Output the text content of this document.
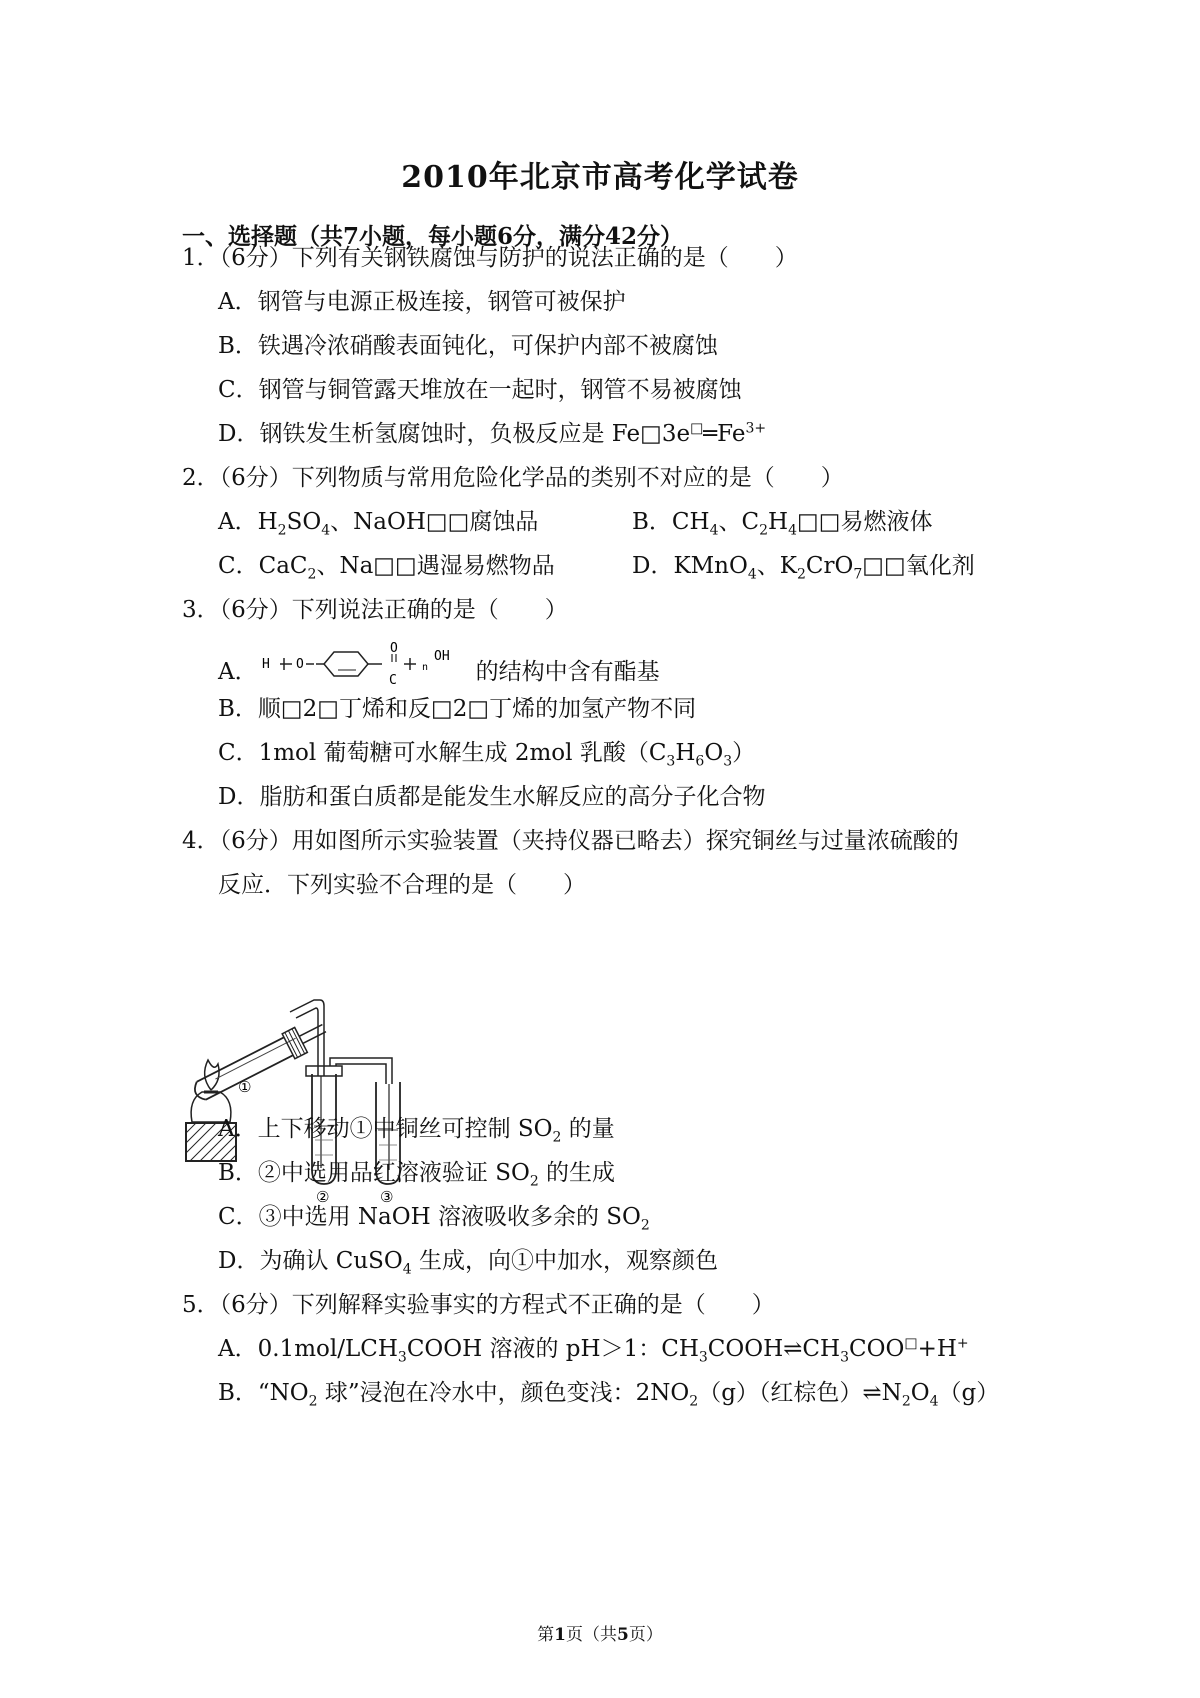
2010年北京市高考化学试卷
一、选择题（共7小题，每小题6分，满分42分）
1．（6分）下列有关钢铁腐蚀与防护的说法正确的是（　　）
A．钢管与电源正极连接，钢管可被保护
B．铁遇冷浓硝酸表面钝化，可保护内部不被腐蚀
C．钢管与铜管露天堆放在一起时，钢管不易被腐蚀
D．钢铁发生析氢腐蚀时，负极反应是 $Fe□3e^□═Fe^{3+}$
2．（6分）下列物质与常用危险化学品的类别不对应的是（　　）
A．$H_2SO_4$、NaOH□□腐蚀品	B．$CH_4$、$C_2H_4□□$易燃液体
C．CaC$_2$、Na□□遇湿易燃物品	D．KMnO$_4$、$K_2CrO_7□□$氧化剂
3．（6分）下列说法正确的是（　　）
A． H O
O
C
n
OH
的结构中含有酯基
B．顺□2□丁烯和反□2□丁烯的加氢产物不同
C．1mol 葡萄糖可水解生成 2mol 乳酸$(C_3H_6O_3)$
D．脂肪和蛋白质都是能发生水解反应的高分子化合物
4．（6分）用如图所示实验装置（夹持仪器已略去）探究铜丝与过量浓硫酸的
反应．下列实验不合理的是（　　）
①
②	③
A．上下移动①中铜丝可控制 $SO_2$ 的量
B．②中选用品红溶液验证 $SO_2$ 的生成
C．③中选用 NaOH 溶液吸收多余的 $SO_2$
D．为确认 CuSO$_4$ 生成，向①中加水，观察颜色
5．（6分）下列解释实验事实的方程式不正确的是（　　）
A．$0.1mol/LCH_3COOH$ 溶液的 pH＞1：$CH_3COOH\rightleftharpoons CH_3COO^□+H^+$
B．“$NO_2$ 球”浸泡在冷水中，颜色变浅：$2NO_2(g)$（红棕色）$\rightleftharpoons N_2O_4(g)$
第1页（共5页）
